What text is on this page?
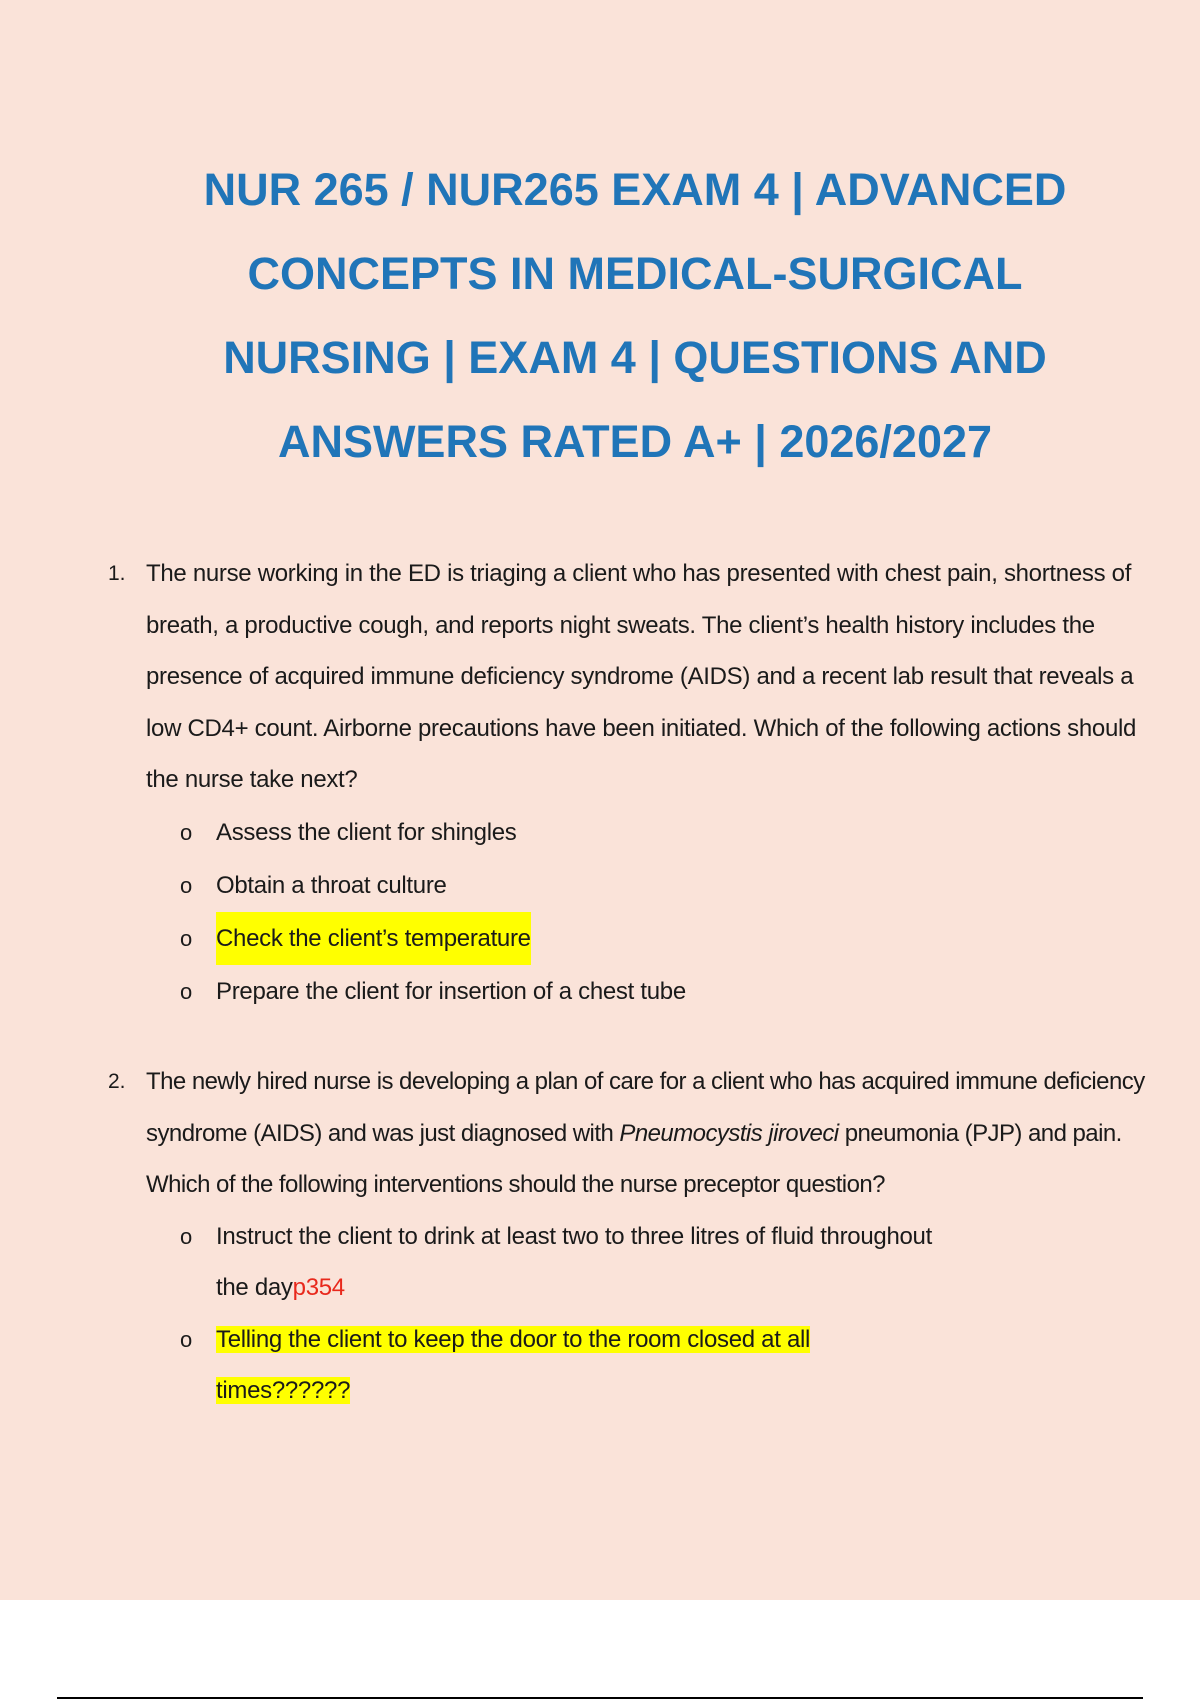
NUR 265 / NUR265 EXAM 4 | ADVANCED CONCEPTS IN MEDICAL-SURGICAL NURSING | EXAM 4 | QUESTIONS AND ANSWERS RATED A+ | 2026/2027
1. The nurse working in the ED is triaging a client who has presented with chest pain, shortness of breath, a productive cough, and reports night sweats. The client’s health history includes the presence of acquired immune deficiency syndrome (AIDS) and a recent lab result that reveals a low CD4+ count. Airborne precautions have been initiated. Which of the following actions should the nurse take next?

o	Assess the client for shingles
o	Obtain a throat culture
o	Check the client’s temperature
o	Prepare the client for insertion of a chest tube
2. The newly hired nurse is developing a plan of care for a client who has acquired immune deficiency syndrome (AIDS) and was just diagnosed with Pneumocystis jiroveci pneumonia (PJP) and pain. Which of the following interventions should the nurse preceptor question?

o	Instruct the client to drink at least two to three litres of fluid throughout the dayp354
o	Telling the client to keep the door to the room closed at all times??????
